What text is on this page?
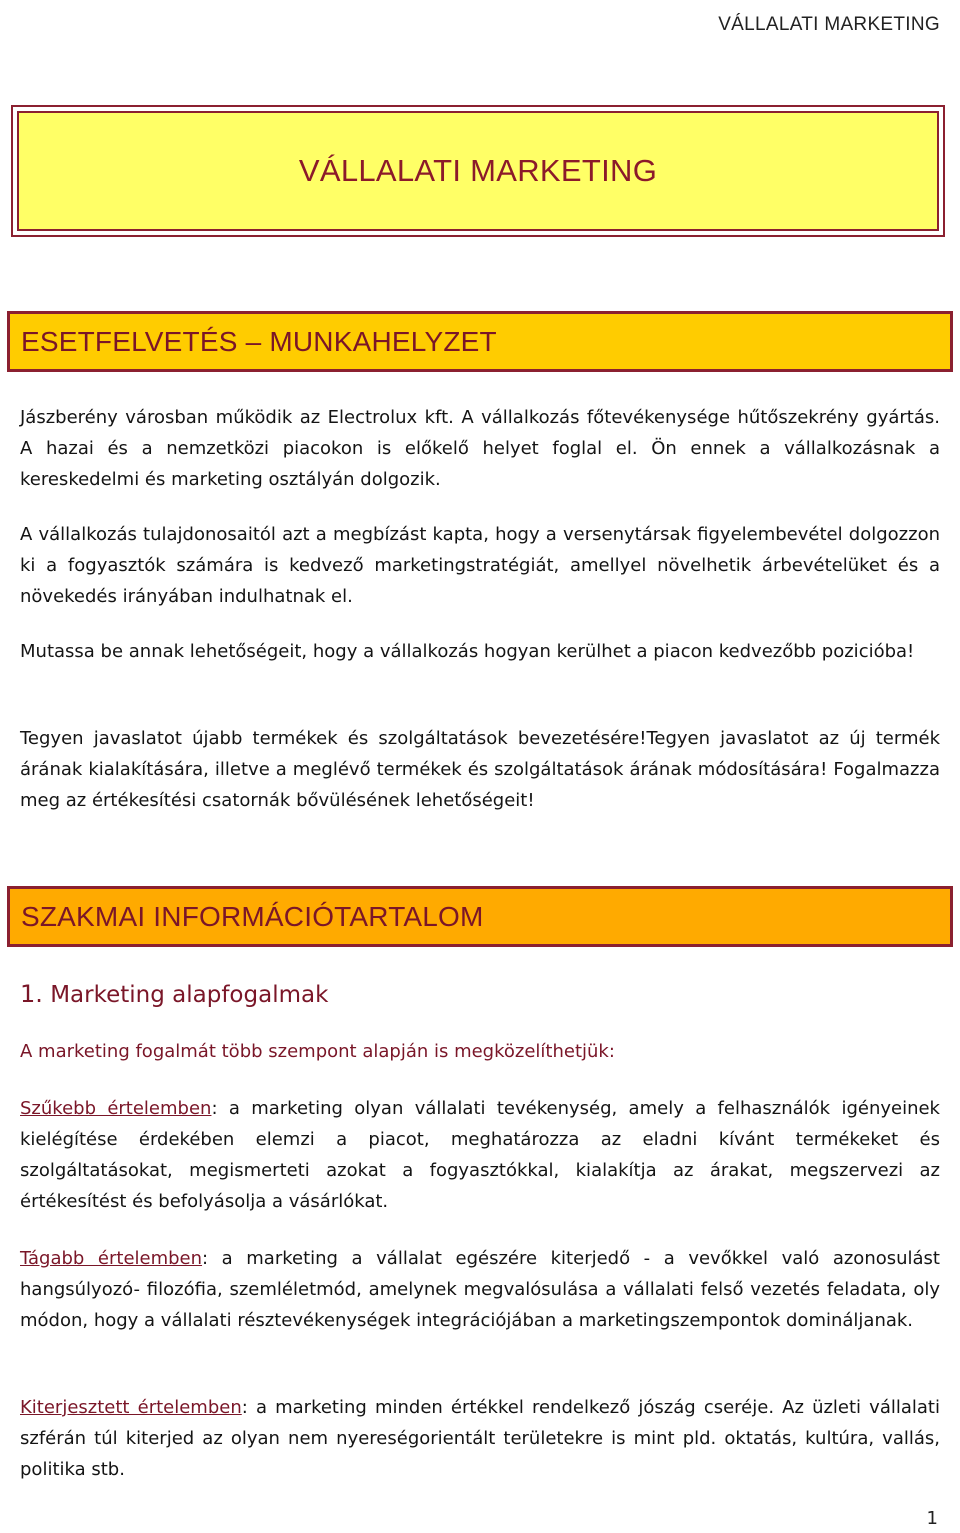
VÁLLALATI MARKETING
VÁLLALATI MARKETING
ESETFELVETÉS – MUNKAHELYZET
Jászberény városban működik az Electrolux kft. A vállalkozás főtevékenysége hűtőszekrény gyártás. A hazai és a nemzetközi piacokon is előkelő helyet foglal el. Ön ennek a vállalkozásnak a kereskedelmi és marketing osztályán dolgozik.
A vállalkozás tulajdonosaitól azt a megbízást kapta, hogy a versenytársak figyelembevétel dolgozzon ki a fogyasztók számára is kedvező marketingstratégiát, amellyel növelhetik árbevételüket és a növekedés irányában indulhatnak el.
Mutassa be annak lehetőségeit, hogy a vállalkozás hogyan kerülhet a piacon kedvezőbb pozicióba!
Tegyen javaslatot újabb termékek és szolgáltatások bevezetésére!Tegyen javaslatot az új termék árának kialakítására, illetve a meglévő termékek és szolgáltatások árának módosítására! Fogalmazza meg az értékesítési csatornák bővülésének lehetőségeit!
SZAKMAI INFORMÁCIÓTARTALOM
1. Marketing alapfogalmak
A marketing fogalmát több szempont alapján is megközelíthetjük:
Szűkebb értelemben: a marketing olyan vállalati tevékenység, amely a felhasználók igényeinek kielégítése érdekében elemzi a piacot, meghatározza az eladni kívánt termékeket és szolgáltatásokat, megismerteti azokat a fogyasztókkal, kialakítja az árakat, megszervezi az értékesítést és befolyásolja a vásárlókat.
Tágabb értelemben: a marketing a vállalat egészére kiterjedő - a vevőkkel való azonosulást hangsúlyozó- filozófia, szemléletmód, amelynek megvalósulása a vállalati felső vezetés feladata, oly módon, hogy a vállalati résztevékenységek integrációjában a marketingszempontok domináljanak.
Kiterjesztett értelemben: a marketing minden értékkel rendelkező jószág cseréje. Az üzleti vállalati szférán túl kiterjed az olyan nem nyereségorientált területekre is mint pld. oktatás, kultúra, vallás, politika stb.
1
